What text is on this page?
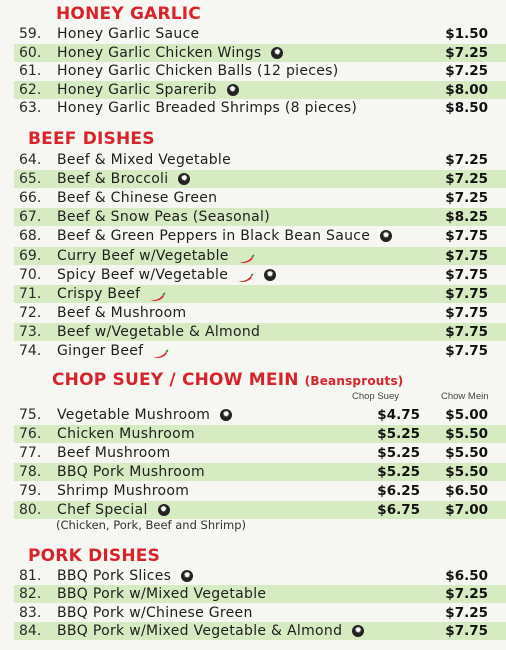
HONEY GARLIC
59. Honey Garlic Sauce	$1.50
60. Honey Garlic Chicken Wings ✹	$7.25
61. Honey Garlic Chicken Balls (12 pieces)	$7.25
62. Honey Garlic Sparerib ✹	$8.00
63. Honey Garlic Breaded Shrimps (8 pieces)	$8.50
BEEF DISHES
64. Beef & Mixed Vegetable	$7.25
65. Beef & Broccoli ✹	$7.25
66. Beef & Chinese Green	$7.25
67. Beef & Snow Peas (Seasonal)	$8.25
68. Beef & Green Peppers in Black Bean Sauce ✹	$7.75
69. Curry Beef w/Vegetable	$7.75
70. Spicy Beef w/Vegetable	✹	$7.75
71. Crispy Beef	$7.75
72. Beef & Mushroom	$7.75
73. Beef w/Vegetable & Almond	$7.75
74. Ginger Beef	$7.75
CHOP SUEY / CHOW MEIN (Beansprouts)
Chop Suey	Chow Mein
75. Vegetable Mushroom ✹	$4.75 $5.00
76. Chicken Mushroom	$5.25 $5.50
77. Beef Mushroom	$5.25 $5.50
78. BBQ Pork Mushroom	$5.25 $5.50
79. Shrimp Mushroom	$6.25 $6.50
80. Chef Special ✹	$6.75 $7.00
(Chicken, Pork, Beef and Shrimp)
PORK DISHES
81. BBQ Pork Slices ✹	$6.50
82. BBQ Pork w/Mixed Vegetable	$7.25
83. BBQ Pork w/Chinese Green	$7.25
84. BBQ Pork w/Mixed Vegetable & Almond ✹	$7.75
